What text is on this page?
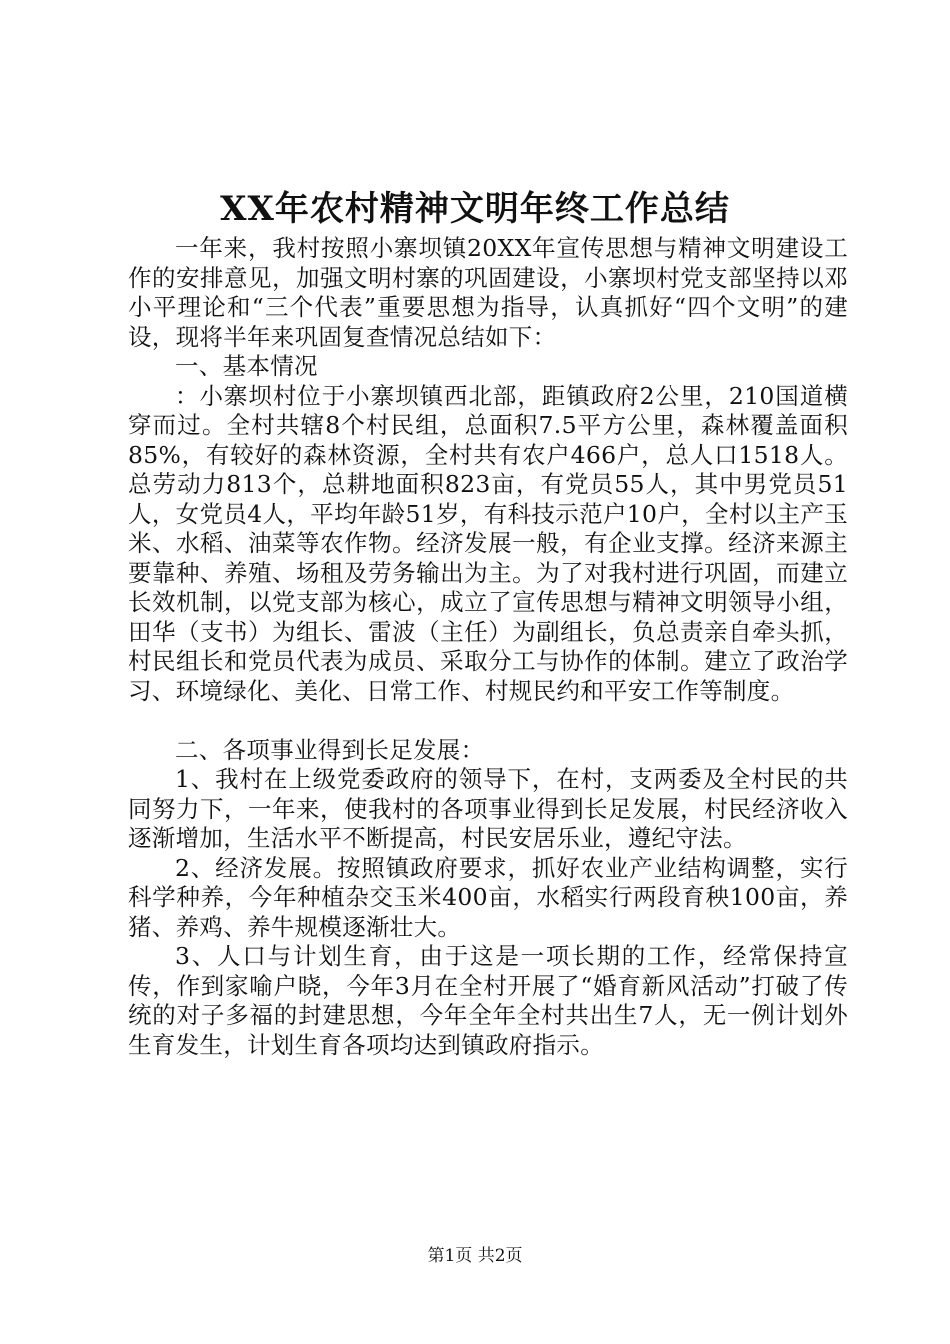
XX年农村精神文明年终工作总结

一年来，我村按照小寨坝镇20XX年宣传思想与精神文明建设工作的安排意见，加强文明村寨的巩固建设，小寨坝村党支部坚持以邓小平理论和“三个代表”重要思想为指导，认真抓好“四个文明”的建设，现将半年来巩固复查情况总结如下：

一、基本情况

：小寨坝村位于小寨坝镇西北部，距镇政府2公里，210国道横穿而过。全村共辖8个村民组，总面积7.5平方公里，森林覆盖面积85%，有较好的森林资源，全村共有农户466户，总人口1518人。总劳动力813个，总耕地面积823亩，有党员55人，其中男党员51人，女党员4人，平均年龄51岁，有科技示范户10户，全村以主产玉米、水稻、油菜等农作物。经济发展一般，有企业支撑。经济来源主要靠种、养殖、场租及劳务输出为主。为了对我村进行巩固，而建立长效机制，以党支部为核心，成立了宣传思想与精神文明领导小组，田华（支书）为组长、雷波（主任）为副组长，负总责亲自牵头抓，村民组长和党员代表为成员、采取分工与协作的体制。建立了政治学习、环境绿化、美化、日常工作、村规民约和平安工作等制度。

二、各项事业得到长足发展：

1、我村在上级党委政府的领导下，在村，支两委及全村民的共同努力下，一年来，使我村的各项事业得到长足发展，村民经济收入逐渐增加，生活水平不断提高，村民安居乐业，遵纪守法。

2、经济发展。按照镇政府要求，抓好农业产业结构调整，实行科学种养，今年种植杂交玉米400亩，水稻实行两段育秧100亩，养猪、养鸡、养牛规模逐渐壮大。

3、人口与计划生育，由于这是一项长期的工作，经常保持宣传，作到家喻户晓，今年3月在全村开展了“婚育新风活动”打破了传统的对子多福的封建思想，今年全年全村共出生7人，无一例计划外生育发生，计划生育各项均达到镇政府指示。

第1页 共2页
